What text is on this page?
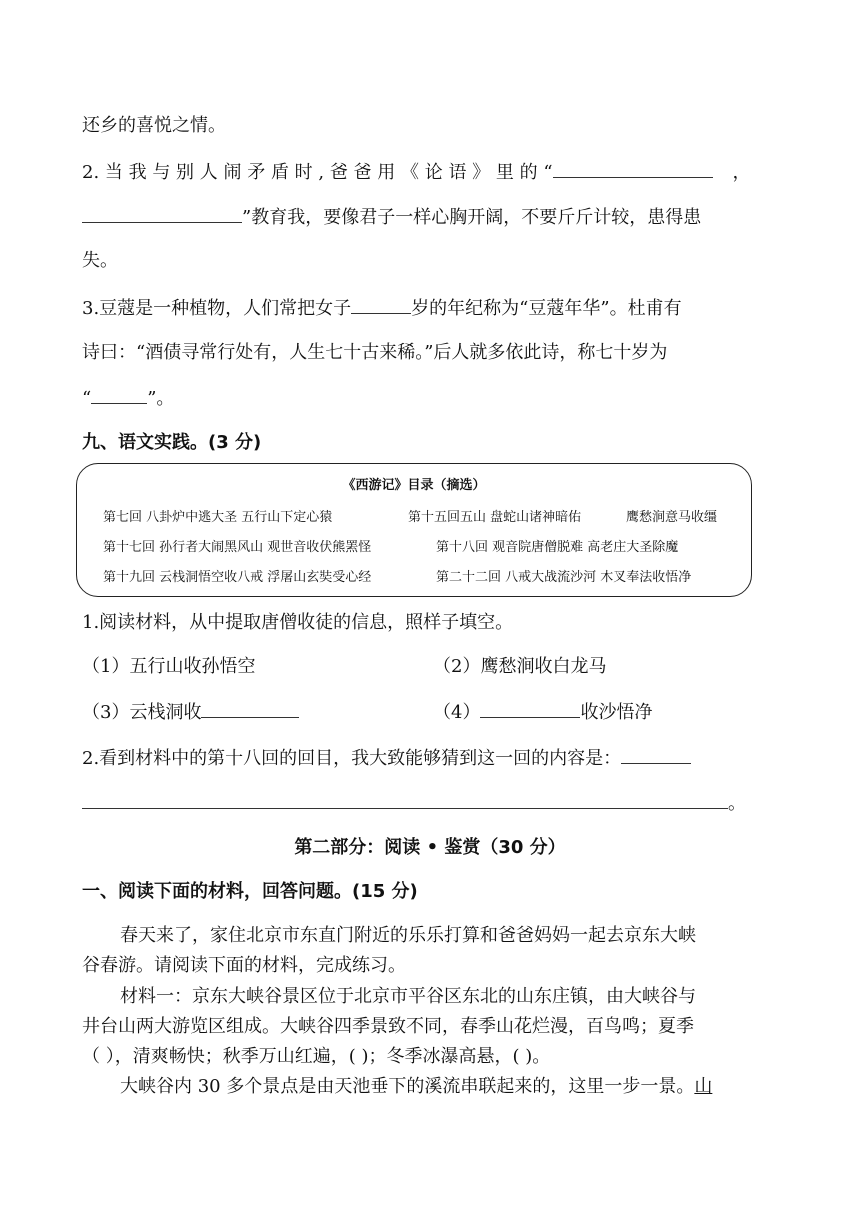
还乡的喜悦之情。
2. 当 我 与 别 人 闹 矛 盾 时 , 爸 爸 用 《 论 语 》 里 的 “	，
”教育我，要像君子一样心胸开阔，不要斤斤计较，患得患
失。
3.豆蔻是一种植物，人们常把女子	岁的年纪称为“豆蔻年华”。杜甫有
诗曰：“酒债寻常行处有，人生七十古来稀。”后人就多依此诗，称七十岁为
“	”。
九、语文实践。(3 分)
《西游记》目录（摘选）
第七回 八卦炉中逃大圣 五行山下定心猿	第十五回五山 盘蛇山诸神暗佑	鹰愁涧意马收缰
第十七回 孙行者大闹黑风山 观世音收伏熊罴怪	第十八回 观音院唐僧脱难 高老庄大圣除魔
第十九回 云栈洞悟空收八戒 浮屠山玄奘受心经	第二十二回 八戒大战流沙河 木叉奉法收悟净
1.阅读材料，从中提取唐僧收徒的信息，照样子填空。
（1）五行山收孙悟空	（2）鹰愁涧收白龙马
（3）云栈洞收	（4）	收沙悟净
2.看到材料中的第十八回的回目，我大致能够猜到这一回的内容是：
。
第二部分：阅读 • 鉴赏（30 分）
一、阅读下面的材料，回答问题。(15 分)
春天来了，家住北京市东直门附近的乐乐打算和爸爸妈妈一起去京东大峡
谷春游。请阅读下面的材料，完成练习。
材料一：京东大峡谷景区位于北京市平谷区东北的山东庄镇，由大峡谷与
井台山两大游览区组成。大峡谷四季景致不同，春季山花烂漫，百鸟鸣；夏季
（ ），清爽畅快；秋季万山红遍，( )；冬季冰瀑高悬，( )。
大峡谷内 30 多个景点是由天池垂下的溪流串联起来的，这里一步一景。山
